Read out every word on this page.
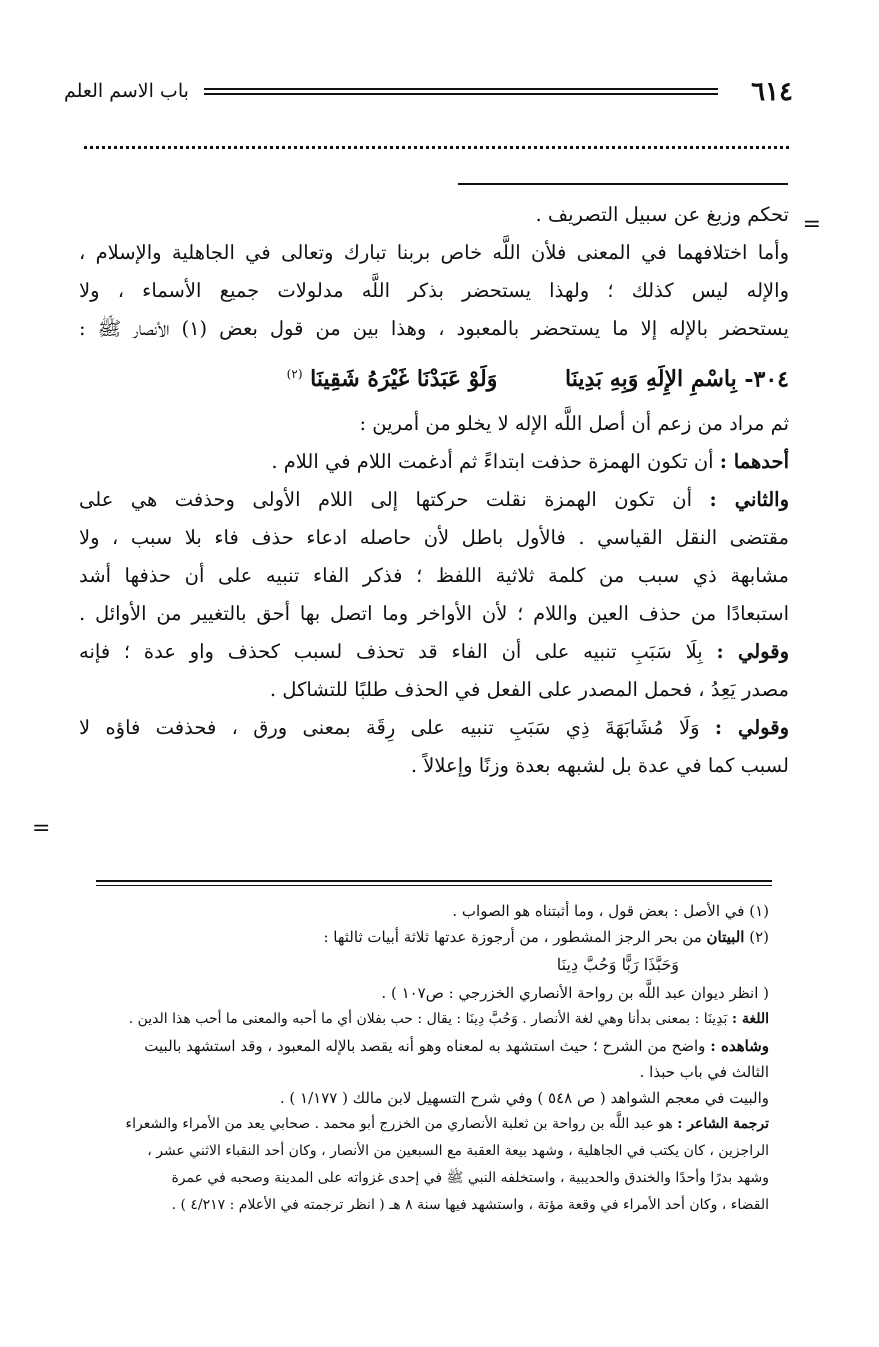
٦١٤
باب الاسم العلم
=
=
تحكم وزيغ عن سبيل التصريف .
وأما اختلافهما في المعنى فلأن اللَّه خاص بربنا تبارك وتعالى في الجاهلية والإسلام ،
والإله ليس كذلك ؛ ولهذا يستحضر بذكر اللَّه مدلولات جميع الأسماء ، ولا
يستحضر بالإله إلا ما يستحضر بالمعبود ، وهذا بين من قول بعض (١) الأنصار ﷺ :
٣٠٤- بِاسْمِ الإِلَهِ وَبِهِ بَدِينَا وَلَوْ عَبَدْنَا غَيْرَهُ شَقِينَا $^{(٢)}$
ثم مراد من زعم أن أصل اللَّه الإله لا يخلو من أمرين :
أحدهما : أن تكون الهمزة حذفت ابتداءً ثم أدغمت اللام في اللام .
والثاني : أن تكون الهمزة نقلت حركتها إلى اللام الأولى وحذفت هي على
مقتضى النقل القياسي . فالأول باطل لأن حاصله ادعاء حذف فاء بلا سبب ، ولا
مشابهة ذي سبب من كلمة ثلاثية اللفظ ؛ فذكر الفاء تنبيه على أن حذفها أشد
استبعادًا من حذف العين واللام ؛ لأن الأواخر وما اتصل بها أحق بالتغيير من الأوائل .
وقولي : بِلَا سَبَبِ تنبيه على أن الفاء قد تحذف لسبب كحذف واو عدة ؛ فإنه
مصدر يَعِدُ ، فحمل المصدر على الفعل في الحذف طلبًا للتشاكل .
وقولي : وَلَا مُشَابَهَةَ ذِي سَبَبِ تنبيه على رِقَة بمعنى ورق ، فحذفت فاؤه لا
لسبب كما في عدة بل لشبهه بعدة وزنًا وإعلالاً .
(١) في الأصل : بعض قول ، وما أثبتناه هو الصواب .
(٢) البيتان من بحر الرجز المشطور ، من أرجوزة عدتها ثلاثة أبيات ثالثها :
وَحَبَّذَا رَبًّا وَحُبَّ دِينَا
( انظر ديوان عبد اللَّه بن رواحة الأنصاري الخزرجي : ص١٠٧ ) .
اللغة : بَدِينَا : بمعنى بدأنا وهي لغة الأنصار . وَحُبَّ دِينَا : يقال : حب بفلان أي ما أحبه والمعنى ما أحب هذا الدين .
وشاهده : واضح من الشرح ؛ حيث استشهد به لمعناه وهو أنه يقصد بالإله المعبود ، وقد استشهد بالبيت
الثالث في باب حبذا .
والبيت في معجم الشواهد ( ص ٥٤٨ ) وفي شرح التسهيل لابن مالك ( ١/١٧٧ ) .
ترجمة الشاعر : هو عبد اللَّه بن رواحة بن ثعلبة الأنصاري من الخزرج أبو محمد . صحابي يعد من الأمراء والشعراء
الراجزين ، كان يكتب في الجاهلية ، وشهد بيعة العقبة مع السبعين من الأنصار ، وكان أحد النقباء الاثني عشر ،
وشهد بدرًا وأحدًا والخندق والحديبية ، واستخلفه النبي ﷺ في إحدى غزواته على المدينة وصحبه في عمرة
القضاء ، وكان أحد الأمراء في وقعة مؤتة ، واستشهد فيها سنة ٨ هـ ( انظر ترجمته في الأعلام : ٤/٢١٧ ) .
